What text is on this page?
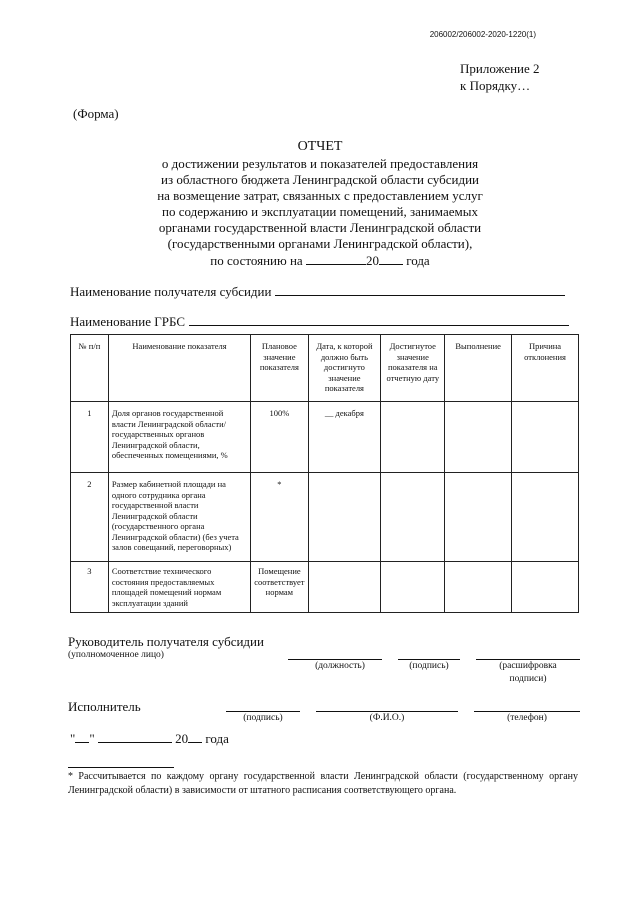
206002/206002-2020-1220(1)
Приложение 2
к Порядку…
(Форма)
ОТЧЕТ
о достижении результатов и показателей предоставления
из областного бюджета Ленинградской области субсидии
на возмещение затрат, связанных с предоставлением услуг
по содержанию и эксплуатации помещений, занимаемых
органами государственной власти Ленинградской области
(государственными органами Ленинградской области),
по состоянию на	20 года
Наименование получателя субсидии
Наименование ГРБС
№ п/п	Наименование показателя	Плановое значение показателя	Дата, к которой должно быть достигнуто значение показателя	Достигнутое значение показателя на отчетную дату	Выполнение	Причина отклонения
1	Доля органов государственной власти Ленинградской области/ государственных органов Ленинградской области, обеспеченных помещениями, %	100%	__ декабря			
2	Размер кабинетной площади на одного сотрудника органа государственной власти Ленинградской области (государственного органа Ленинградской области) (без учета залов совещаний, переговорных)	*				
3	Соответствие технического состояния предоставляемых площадей помещений нормам эксплуатации зданий	Помещение соответствует нормам				
Руководитель получателя субсидии
(уполномоченное лицо)
(должность)	(подпись)	(расшифровка
подписи)
Исполнитель
(подпись)	(Ф.И.О.)	(телефон)
" "	20 года
* Рассчитывается по каждому органу государственной власти Ленинградской области (государственному органу Ленинградской области) в зависимости от штатного расписания соответствующего органа.
